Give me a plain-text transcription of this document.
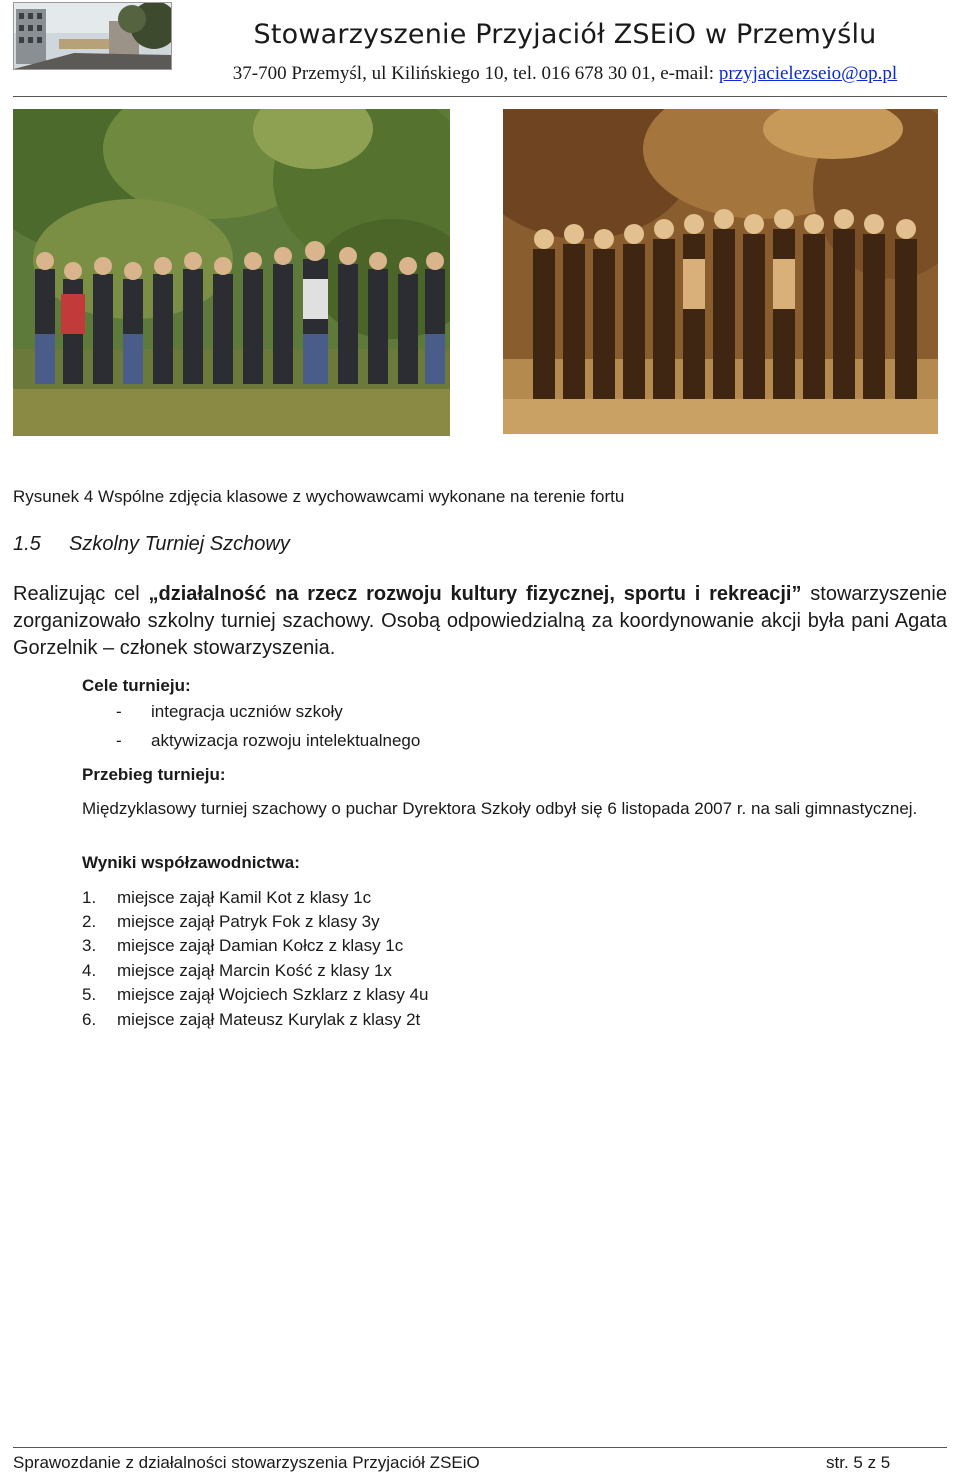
Stowarzyszenie Przyjaciół ZSEiO w Przemyślu
37-700 Przemyśl, ul Kilińskiego 10, tel. 016 678 30 01, e-mail: przyjacielezseio@op.pl
Rysunek 4 Wspólne zdjęcia klasowe z wychowawcami wykonane na terenie fortu
1.5 Szkolny Turniej Szchowy
Realizując cel „działalność na rzecz rozwoju kultury fizycznej, sportu i rekreacji” stowarzyszenie zorganizowało szkolny turniej szachowy. Osobą odpowiedzialną za koordynowanie akcji była pani Agata Gorzelnik – członek stowarzyszenia.
Cele turnieju:
- integracja uczniów szkoły
- aktywizacja rozwoju intelektualnego
Przebieg turnieju:
Międzyklasowy turniej szachowy o puchar Dyrektora Szkoły odbył się 6 listopada 2007 r. na sali gimnastycznej.
Wyniki współzawodnictwa:
1. miejsce zajął Kamil Kot z klasy 1c
2. miejsce zajął Patryk Fok z klasy 3y
3. miejsce zajął Damian Kołcz z klasy 1c
4. miejsce zajął Marcin Kość z klasy 1x
5. miejsce zajął Wojciech Szklarz z klasy 4u
6. miejsce zajął Mateusz Kurylak z klasy 2t
Sprawozdanie z działalności stowarzyszenia Przyjaciół ZSEiO	str. 5 z 5
